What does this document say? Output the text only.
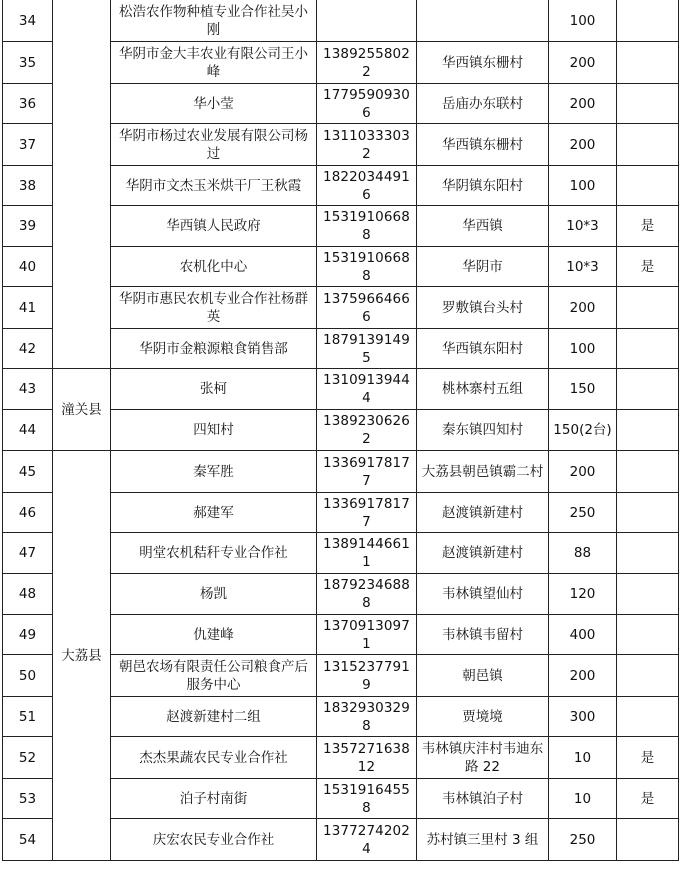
34		松浩农作物种植专业合作社吴小刚			100	
35		华阴市金大丰农业有限公司王小峰	13892558022	华西镇东栅村	200	
36		华小莹	17795909306	岳庙办东联村	200	
37		华阴市杨过农业发展有限公司杨过	13110333032	华西镇东栅村	200	
38		华阴市文杰玉米烘干厂王秋霞	18220344916	华阴镇东阳村	100	
39		华西镇人民政府	15319106688	华西镇	10*3	是
40		农机化中心	15319106688	华阴市	10*3	是
41		华阴市惠民农机专业合作社杨群英	13759664666	罗敷镇台头村	200	
42		华阴市金粮源粮食销售部	18791391495	华西镇东阳村	100	
43	潼关县	张柯	13109139444	桃林寨村五组	150	
44		四知村	13892306262	秦东镇四知村	150(2台)	
45	大荔县	秦军胜	13369178177	大荔县朝邑镇霸二村	200	
46		郝建军	13369178177	赵渡镇新建村	250	
47		明堂农机秸秆专业合作社	13891446611	赵渡镇新建村	88	
48		杨凯	18792346888	韦林镇望仙村	120	
49		仇建峰	13709130971	韦林镇韦留村	400	
50		朝邑农场有限责任公司粮食产后服务中心	13152377919	朝邑镇	200	
51		赵渡新建村二组	18329303298	贾境境	300	
52		杰杰果蔬农民专业合作社	135727163812	韦林镇庆沣村韦迪东路 22	10	是
53		泊子村南街	15319164558	韦林镇泊子村	10	是
54		庆宏农民专业合作社	13772742024	苏村镇三里村 3 组	250	
